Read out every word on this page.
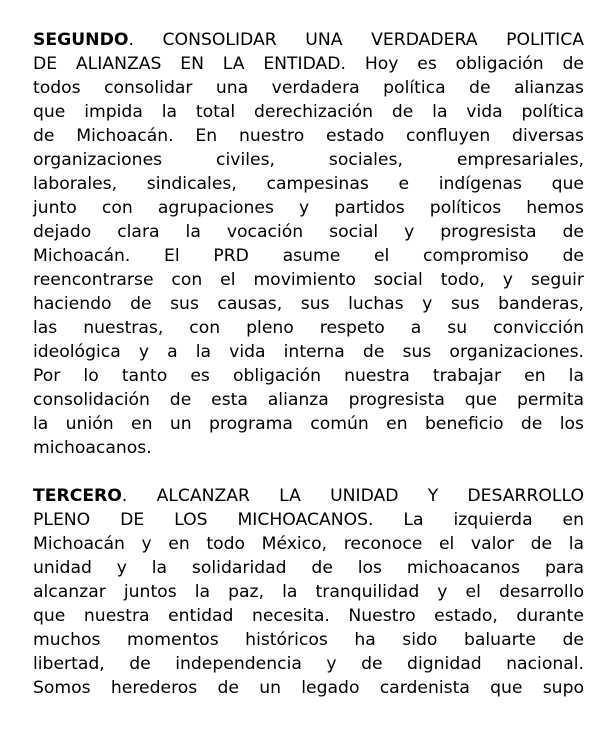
SEGUNDO. CONSOLIDAR UNA VERDADERA POLITICA
DE ALIANZAS EN LA ENTIDAD. Hoy es obligación de
todos consolidar una verdadera política de alianzas
que impida la total derechización de la vida política
de Michoacán. En nuestro estado confluyen diversas
organizaciones civiles, sociales, empresariales,
laborales, sindicales, campesinas e indígenas que
junto con agrupaciones y partidos políticos hemos
dejado clara la vocación social y progresista de
Michoacán. El PRD asume el compromiso de
reencontrarse con el movimiento social todo, y seguir
haciendo de sus causas, sus luchas y sus banderas,
las nuestras, con pleno respeto a su convicción
ideológica y a la vida interna de sus organizaciones.
Por lo tanto es obligación nuestra trabajar en la
consolidación de esta alianza progresista que permita
la unión en un programa común en beneficio de los
michoacanos.

TERCERO. ALCANZAR LA UNIDAD Y DESARROLLO
PLENO DE LOS MICHOACANOS. La izquierda en
Michoacán y en todo México, reconoce el valor de la
unidad y la solidaridad de los michoacanos para
alcanzar juntos la paz, la tranquilidad y el desarrollo
que nuestra entidad necesita. Nuestro estado, durante
muchos momentos históricos ha sido baluarte de
libertad, de independencia y de dignidad nacional.
Somos herederos de un legado cardenista que supo
